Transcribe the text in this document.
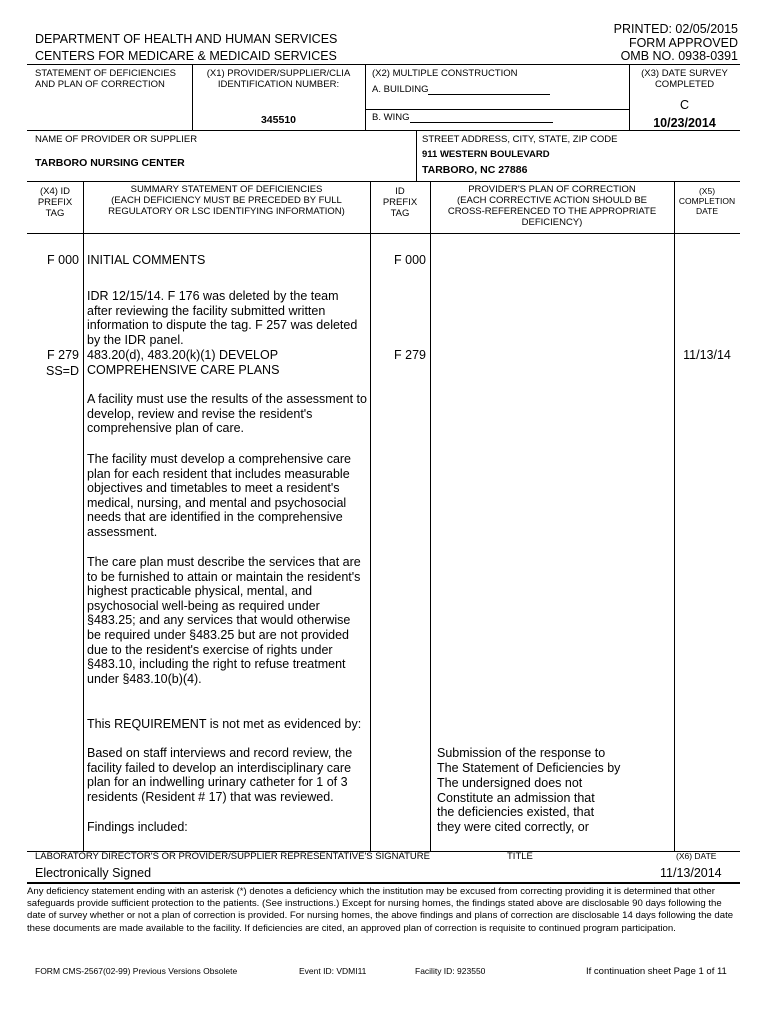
PRINTED: 02/05/2015
FORM APPROVED
OMB NO. 0938-0391
DEPARTMENT OF HEALTH AND HUMAN SERVICES
CENTERS FOR MEDICARE & MEDICAID SERVICES
STATEMENT OF DEFICIENCIES
AND PLAN OF CORRECTION
(X1) PROVIDER/SUPPLIER/CLIA
IDENTIFICATION NUMBER:
345510
(X2) MULTIPLE CONSTRUCTION
A. BUILDING
B. WING
(X3) DATE SURVEY
COMPLETED
C
10/23/2014
NAME OF PROVIDER OR SUPPLIER
TARBORO NURSING CENTER
STREET ADDRESS, CITY, STATE, ZIP CODE
911 WESTERN BOULEVARD
TARBORO, NC 27886
(X4) ID
PREFIX
TAG
SUMMARY STATEMENT OF DEFICIENCIES
(EACH DEFICIENCY MUST BE PRECEDED BY FULL
REGULATORY OR LSC IDENTIFYING INFORMATION)
ID
PREFIX
TAG
PROVIDER'S PLAN OF CORRECTION
(EACH CORRECTIVE ACTION SHOULD BE
CROSS-REFERENCED TO THE APPROPRIATE
DEFICIENCY)
(X5)
COMPLETION
DATE
F 000 INITIAL COMMENTS	F 000
IDR 12/15/14. F 176 was deleted by the team after reviewing the facility submitted written information to dispute the tag. F 257 was deleted by the IDR panel.
F 279
SS=D
483.20(d), 483.20(k)(1) DEVELOP COMPREHENSIVE CARE PLANS
F 279	11/13/14
A facility must use the results of the assessment to develop, review and revise the resident's comprehensive plan of care.
The facility must develop a comprehensive care plan for each resident that includes measurable objectives and timetables to meet a resident's medical, nursing, and mental and psychosocial needs that are identified in the comprehensive assessment.
The care plan must describe the services that are to be furnished to attain or maintain the resident's highest practicable physical, mental, and psychosocial well-being as required under §483.25; and any services that would otherwise be required under §483.25 but are not provided due to the resident's exercise of rights under §483.10, including the right to refuse treatment under §483.10(b)(4).
This REQUIREMENT is not met as evidenced by:
Based on staff interviews and record review, the facility failed to develop an interdisciplinary care plan for an indwelling urinary catheter for 1 of 3 residents (Resident # 17) that was reviewed.
Findings included:
Submission of the response to
The Statement of Deficiencies by
The undersigned does not
Constitute an admission that
the deficiencies existed, that
they were cited correctly, or
LABORATORY DIRECTOR'S OR PROVIDER/SUPPLIER REPRESENTATIVE'S SIGNATURE
Electronically Signed
TITLE	(X6) DATE
11/13/2014
Any deficiency statement ending with an asterisk (*) denotes a deficiency which the institution may be excused from correcting providing it is determined that other safeguards provide sufficient protection to the patients. (See instructions.) Except for nursing homes, the findings stated above are disclosable 90 days following the date of survey whether or not a plan of correction is provided. For nursing homes, the above findings and plans of correction are disclosable 14 days following the date these documents are made available to the facility. If deficiencies are cited, an approved plan of correction is requisite to continued program participation.
FORM CMS-2567(02-99) Previous Versions Obsolete	Event ID: VDMI11	Facility ID: 923550	If continuation sheet Page 1 of 11
